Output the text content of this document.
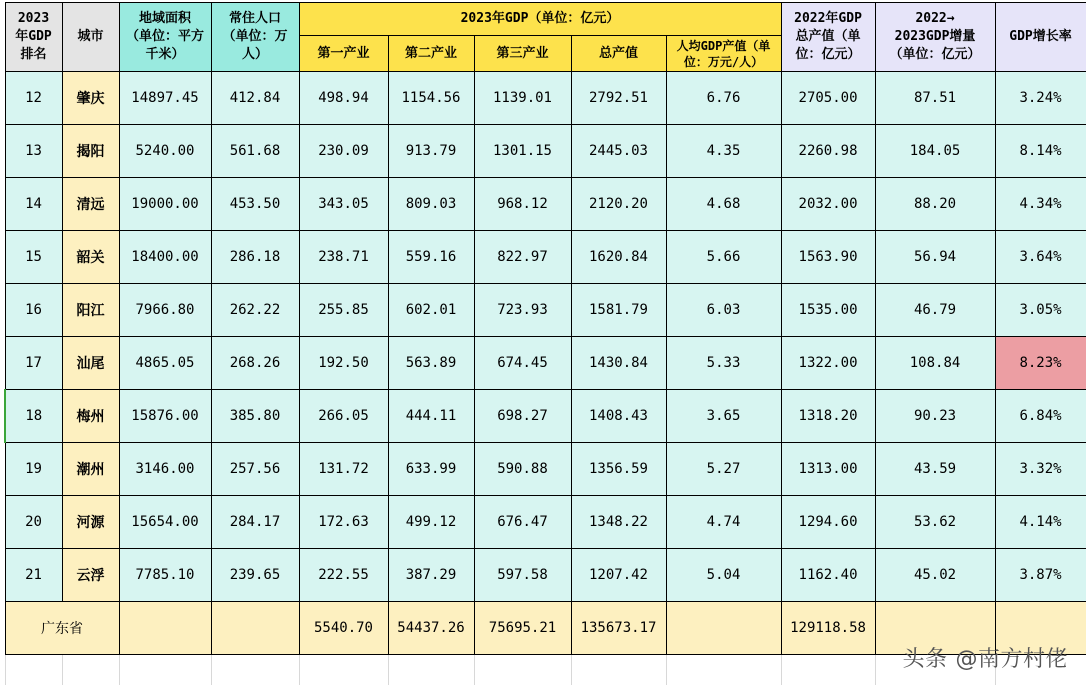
2023
年GDP
排名	城市	地域面积
（单位：平方
千米）	常住人口
（单位：万
人）	2023年GDP（单位：亿元）					2022年GDP
总产值（单
位：亿元）	2022→
2023GDP增量
（单位：亿元）	GDP增长率
				第一产业	第二产业	第三产业	总产值	人均GDP产值（单
位：万元/人）			
12	肇庆	14897.45	412.84	498.94	1154.56	1139.01	2792.51	6.76	2705.00	87.51	3.24%
13	揭阳	5240.00	561.68	230.09	913.79	1301.15	2445.03	4.35	2260.98	184.05	8.14%
14	清远	19000.00	453.50	343.05	809.03	968.12	2120.20	4.68	2032.00	88.20	4.34%
15	韶关	18400.00	286.18	238.71	559.16	822.97	1620.84	5.66	1563.90	56.94	3.64%
16	阳江	7966.80	262.22	255.85	602.01	723.93	1581.79	6.03	1535.00	46.79	3.05%
17	汕尾	4865.05	268.26	192.50	563.89	674.45	1430.84	5.33	1322.00	108.84	8.23%
18	梅州	15876.00	385.80	266.05	444.11	698.27	1408.43	3.65	1318.20	90.23	6.84%
19	潮州	3146.00	257.56	131.72	633.99	590.88	1356.59	5.27	1313.00	43.59	3.32%
20	河源	15654.00	284.17	172.63	499.12	676.47	1348.22	4.74	1294.60	53.62	4.14%
21	云浮	7785.10	239.65	222.55	387.29	597.58	1207.42	5.04	1162.40	45.02	3.87%
广东省				5540.70	54437.26	75695.21	135673.17		129118.58		

头条 @南方村佬
